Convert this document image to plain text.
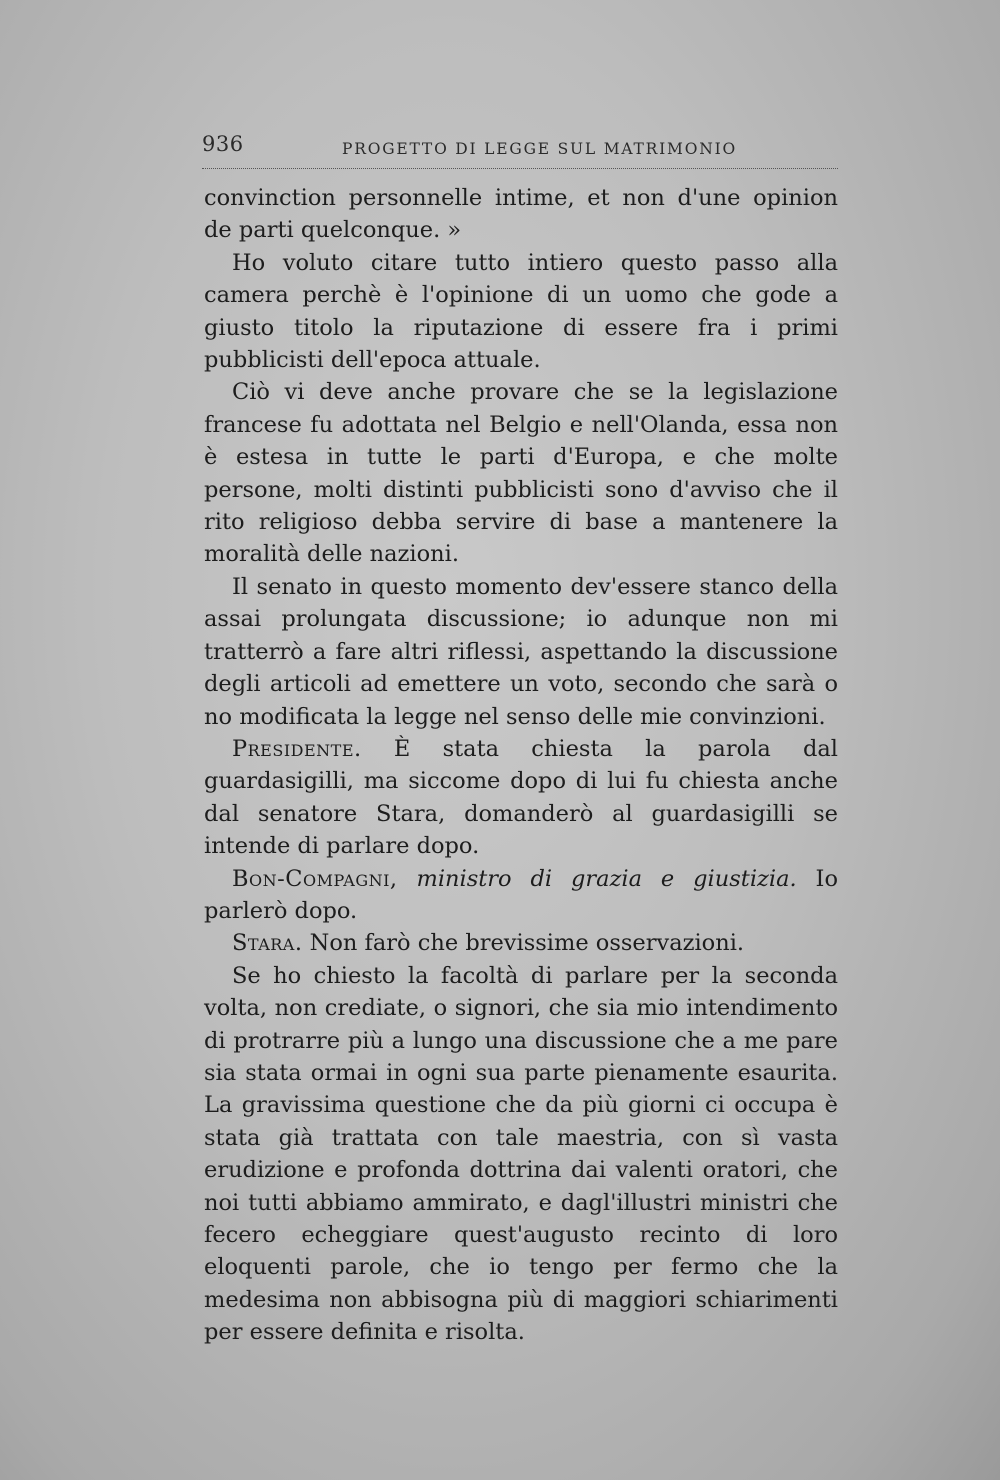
936	PROGETTO DI LEGGE SUL MATRIMONIO

convinction personnelle intime, et non d'une opinion de parti quelconque. »

Ho voluto citare tutto intiero questo passo alla camera perchè è l'opinione di un uomo che gode a giusto titolo la riputazione di essere fra i primi pubblicisti dell'epoca attuale.

Ciò vi deve anche provare che se la legislazione francese fu adottata nel Belgio e nell'Olanda, essa non è estesa in tutte le parti d'Europa, e che molte persone, molti distinti pubblicisti sono d'avviso che il rito religioso debba servire di base a mantenere la moralità delle nazioni.

Il senato in questo momento dev'essere stanco della assai prolungata discussione; io adunque non mi tratterrò a fare altri riflessi, aspettando la discussione degli articoli ad emettere un voto, secondo che sarà o no modificata la legge nel senso delle mie convinzioni.

Presidente. È stata chiesta la parola dal guardasigilli, ma siccome dopo di lui fu chiesta anche dal senatore Stara, domanderò al guardasigilli se intende di parlare dopo.

Bon-Compagni, ministro di grazia e giustizia. Io parlerò dopo.

Stara. Non farò che brevissime osservazioni.

Se ho chiesto la facoltà di parlare per la seconda volta, non crediate, o signori, che sia mio intendimento di protrarre più a lungo una discussione che a me pare sia stata ormai in ogni sua parte pienamente esaurita. La gravissima questione che da più giorni ci occupa è stata già trattata con tale maestria, con sì vasta erudizione e profonda dottrina dai valenti oratori, che noi tutti abbiamo ammirato, e dagl'illustri ministri che fecero echeggiare quest'augusto recinto di loro eloquenti parole, che io tengo per fermo che la medesima non abbisogna più di maggiori schiarimenti per essere definita e risolta.
